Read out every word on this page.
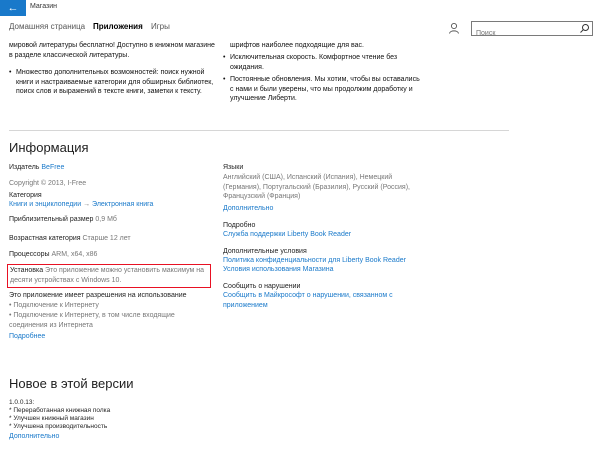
←	Магазин
Домашняя страница Приложения Игры
Поиск
мировой литературы бесплатно! Доступно в книжном магазине в разделе классической литературы.
• Множество дополнительных возможностей: поиск нужной книги и настраиваемые категории для обширных библиотек, поиск слов и выражений в тексте книги, заметки к тексту.
шрифтов наиболее подходящие для вас.
• Исключительная скорость. Комфортное чтение без ожидания.
• Постоянные обновления. Мы хотим, чтобы вы оставались с нами и были уверены, что мы продолжим доработку и улучшение Либерти.
Информация
Издатель BeFree
Copyright © 2013, I-Free
Категория
Книги и энциклопедии → Электронная книга
Приблизительный размер 0,9 Мб
Возрастная категория Старше 12 лет
Процессоры ARM, x64, x86
Установка Это приложение можно установить максимум на десяти устройствах с Windows 10.
Это приложение имеет разрешения на использование
• Подключение к Интернету
• Подключение к Интернету, в том числе входящие соединения из Интернета
Подробнее
Языки
Английский (США), Испанский (Испания), Немецкий (Германия), Португальский (Бразилия), Русский (Россия), Французский (Франция)
Дополнительно
Подробно
Служба поддержки Liberty Book Reader
Дополнительные условия
Политика конфиденциальности для Liberty Book Reader
Условия использования Магазина
Сообщить о нарушении
Сообщить в Майкрософт о нарушении, связанном с приложением
Новое в этой версии
1.0.0.13:
* Переработанная книжная полка
* Улучшен книжный магазин
* Улучшена производительность
Дополнительно
